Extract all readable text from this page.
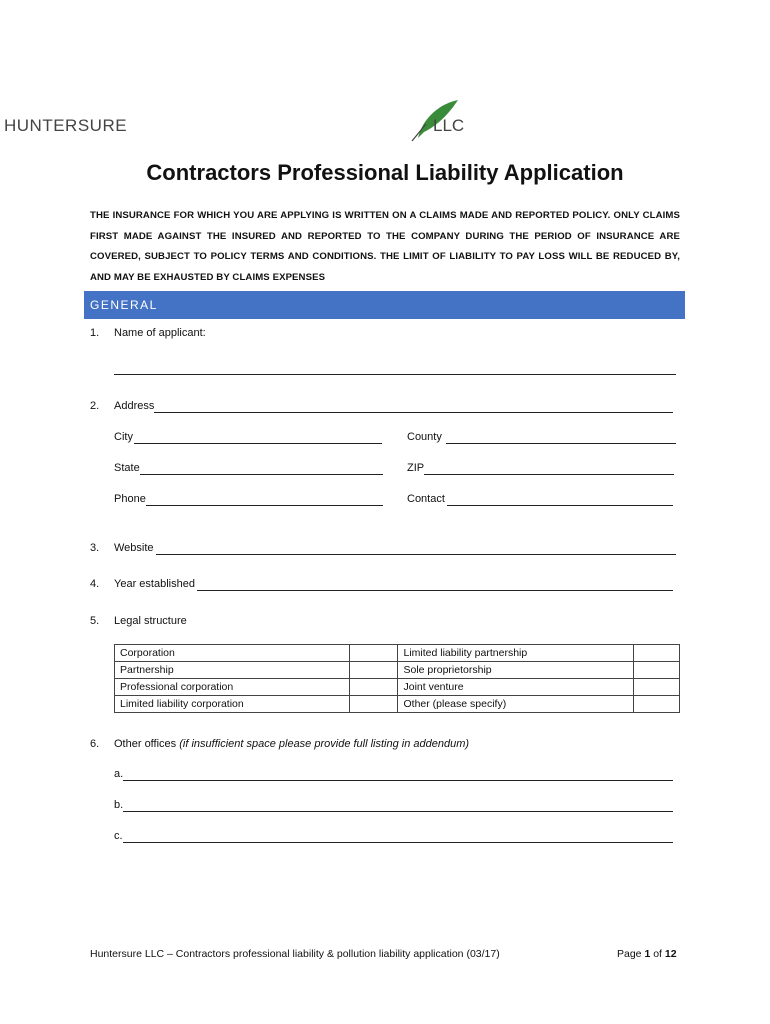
HUNTERSURE	LLC
Contractors Professional Liability Application
THE INSURANCE FOR WHICH YOU ARE APPLYING IS WRITTEN ON A CLAIMS MADE AND REPORTED POLICY. ONLY CLAIMS FIRST MADE AGAINST THE INSURED AND REPORTED TO THE COMPANY DURING THE PERIOD OF INSURANCE ARE COVERED, SUBJECT TO POLICY TERMS AND CONDITIONS. THE LIMIT OF LIABILITY TO PAY LOSS WILL BE REDUCED BY, AND MAY BE EXHAUSTED BY CLAIMS EXPENSES
GENERAL
1. Name of applicant:
2. Address
City	County
State	ZIP
Phone	Contact
3. Website
4. Year established
5. Legal structure
Corporation		Limited liability partnership	
Partnership		Sole proprietorship	
Professional corporation		Joint venture	
Limited liability corporation		Other (please specify)	
6. Other offices (if insufficient space please provide full listing in addendum)
a.
b.
c.
Huntersure LLC – Contractors professional liability & pollution liability application (03/17)	Page 1 of 12
